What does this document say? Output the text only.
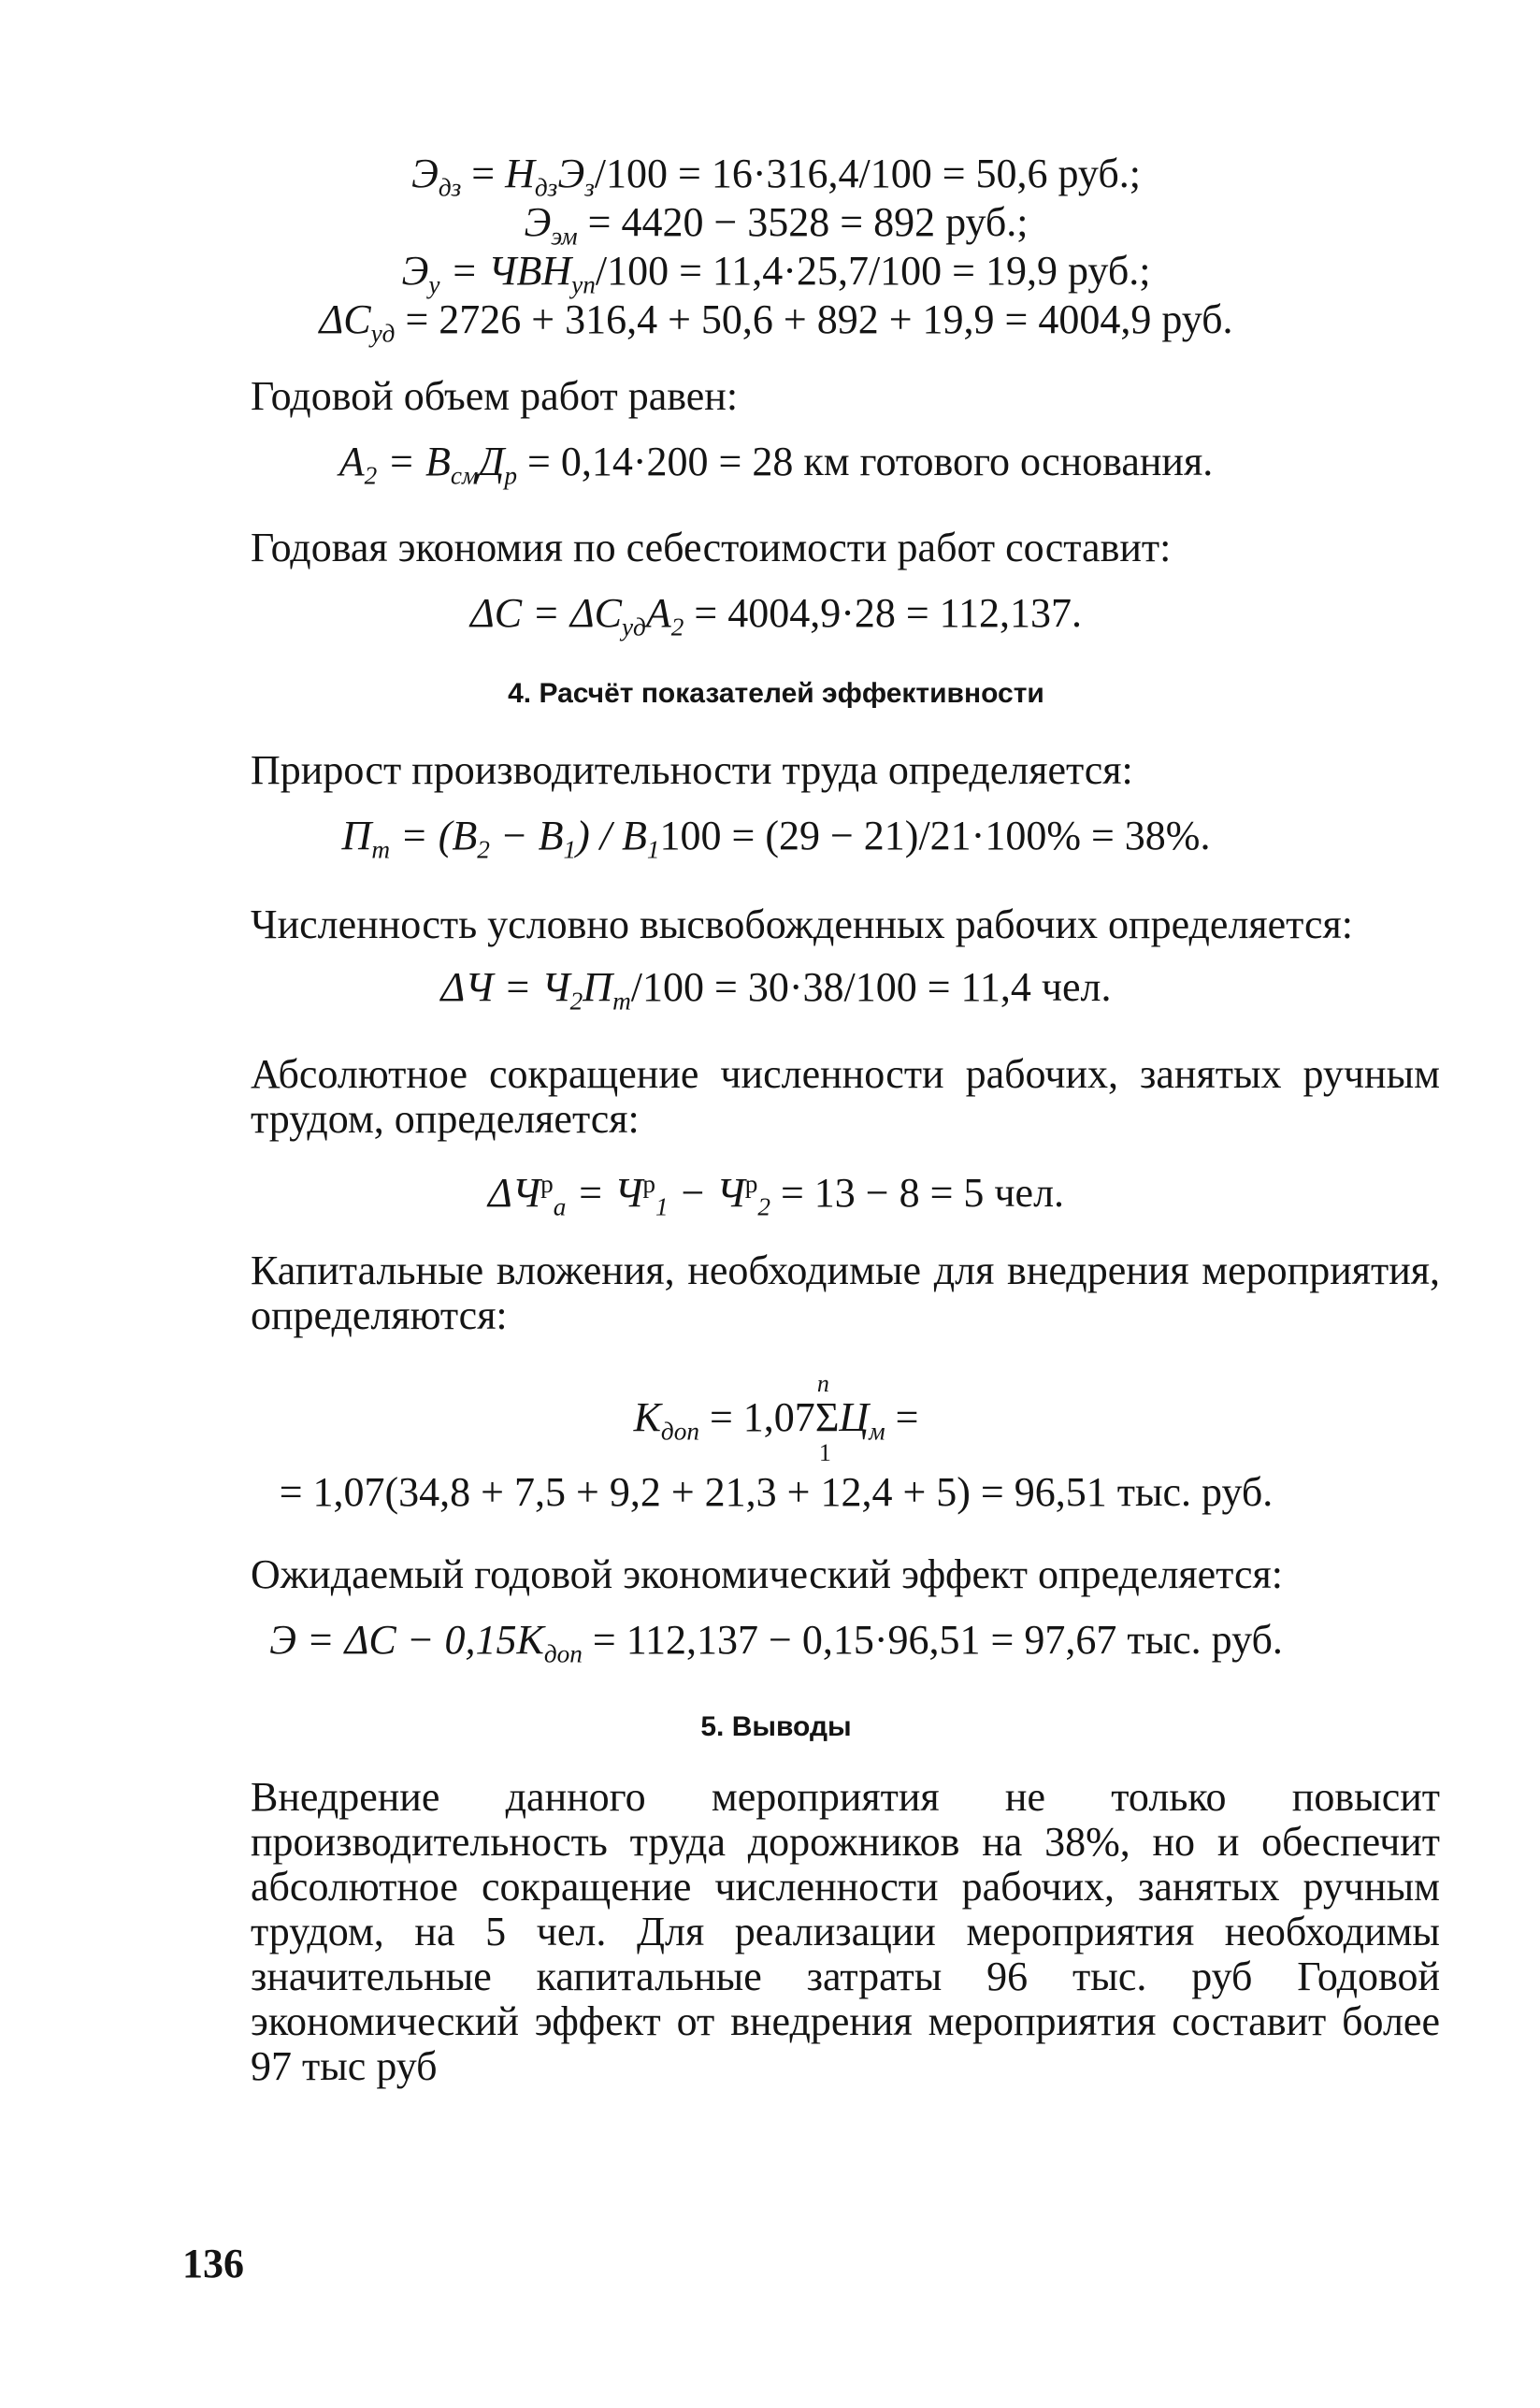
$Э_{дз} = Н_{дз}Э_з/100 = 16\cdot 316,4/100 = 50,6$ руб.;
$Э_{эм} = 4420 - 3528 = 892$ руб.;
$Э_у = ЧВН_{уп}/100 = 11,4\cdot 25,7/100 = 19,9$ руб.;
$\Delta C_{уд} = 2726 + 316,4 + 50,6 + 892 + 19,9 = 4004,9$ руб.
Годовой объем работ равен:
$A_2 = B_{см}Д_р = 0,14\cdot 200 = 28$ км готового основания.
Годовая экономия по себестоимости работ составит:
$\Delta C = \Delta C_{уд}A_2 = 4004,9\cdot 28 = 112,137$.
4. Расчёт показателей эффективности
Прирост производительности труда определяется:
$П_т = (B_2 - B_1) / B_1100 = (29 - 21)/21\cdot 100\% = 38\%$.
Численность условно высвобожденных рабочих определяется:
$\Delta Ч = Ч_2П_т/100 = 30\cdot 38/100 = 11,4$ чел.
Абсолютное сокращение численности рабочих, занятых ручным трудом, определяется:
$\Delta Ч^р_а = Ч^р_1 - Ч^р_2 = 13 - 8 = 5$ чел.
Капитальные вложения, необходимые для внедрения мероприятия, определяются:
$K_{доп} = 1,07$
n
Σ
1
$Ц_м$ =
= 1,07(34,8 + 7,5 + 9,2 + 21,3 + 12,4 + 5) = 96,51 тыс. руб.
Ожидаемый годовой экономический эффект определяется:
$Э = \Delta C - 0,15K_{доп} = 112,137 - 0,15\cdot 96,51 = 97,67$ тыс. руб.
5. Выводы
Внедрение данного мероприятия не только повысит производительность труда дорожников на 38%, но и обеспечит абсолютное сокращение численности рабочих, занятых ручным трудом, на 5 чел. Для реализации мероприятия необходимы значительные капитальные затраты 96 тыс. руб Годовой экономический эффект от внедрения мероприятия составит более 97 тыс руб
136
